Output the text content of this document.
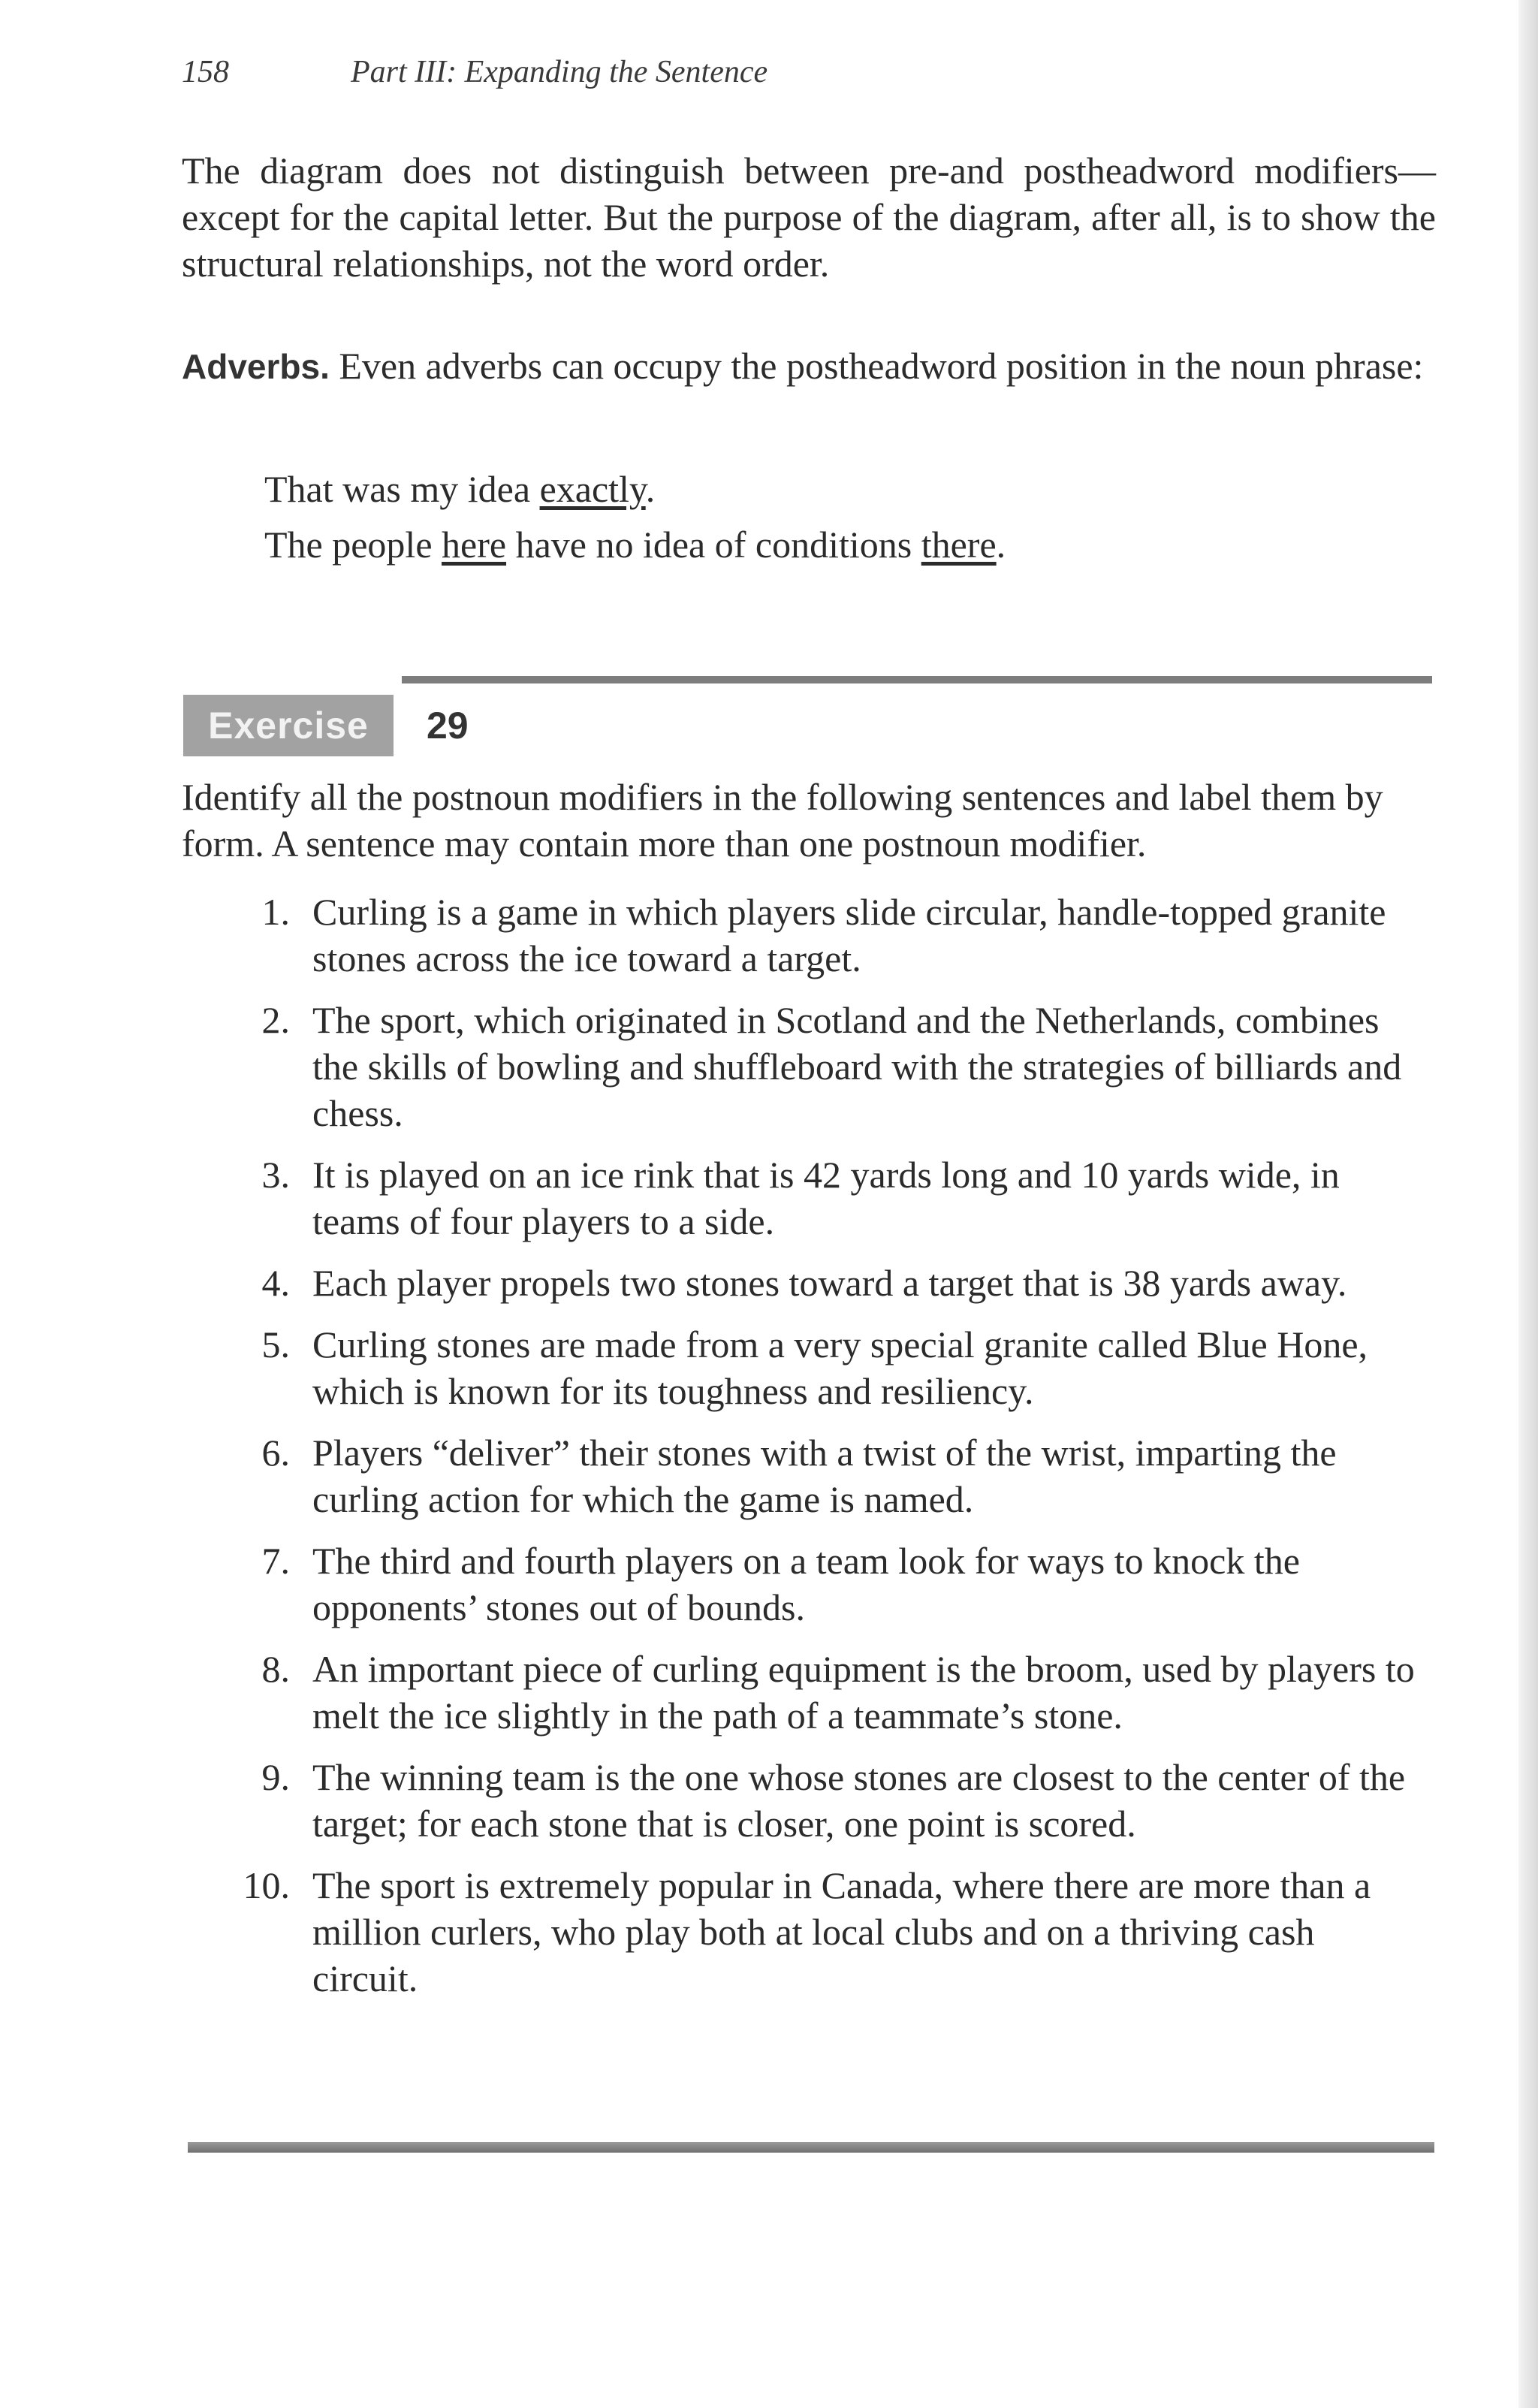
158	Part III: Expanding the Sentence

The diagram does not distinguish between pre-and postheadword modifiers—except for the capital letter. But the purpose of the diagram, after all, is to show the structural relationships, not the word order.

Adverbs. Even adverbs can occupy the postheadword position in the noun phrase:

That was my idea exactly.
The people here have no idea of conditions there.
Exercise	29

Identify all the postnoun modifiers in the following sentences and label them by form. A sentence may contain more than one postnoun modifier.

1. Curling is a game in which players slide circular, handle-topped granite stones across the ice toward a target.
2. The sport, which originated in Scotland and the Netherlands, combines the skills of bowling and shuffleboard with the strategies of billiards and chess.
3. It is played on an ice rink that is 42 yards long and 10 yards wide, in teams of four players to a side.
4. Each player propels two stones toward a target that is 38 yards away.
5. Curling stones are made from a very special granite called Blue Hone, which is known for its toughness and resiliency.
6. Players “deliver” their stones with a twist of the wrist, imparting the curling action for which the game is named.
7. The third and fourth players on a team look for ways to knock the opponents’ stones out of bounds.
8. An important piece of curling equipment is the broom, used by players to melt the ice slightly in the path of a teammate’s stone.
9. The winning team is the one whose stones are closest to the center of the target; for each stone that is closer, one point is scored.
10. The sport is extremely popular in Canada, where there are more than a million curlers, who play both at local clubs and on a thriving cash circuit.
